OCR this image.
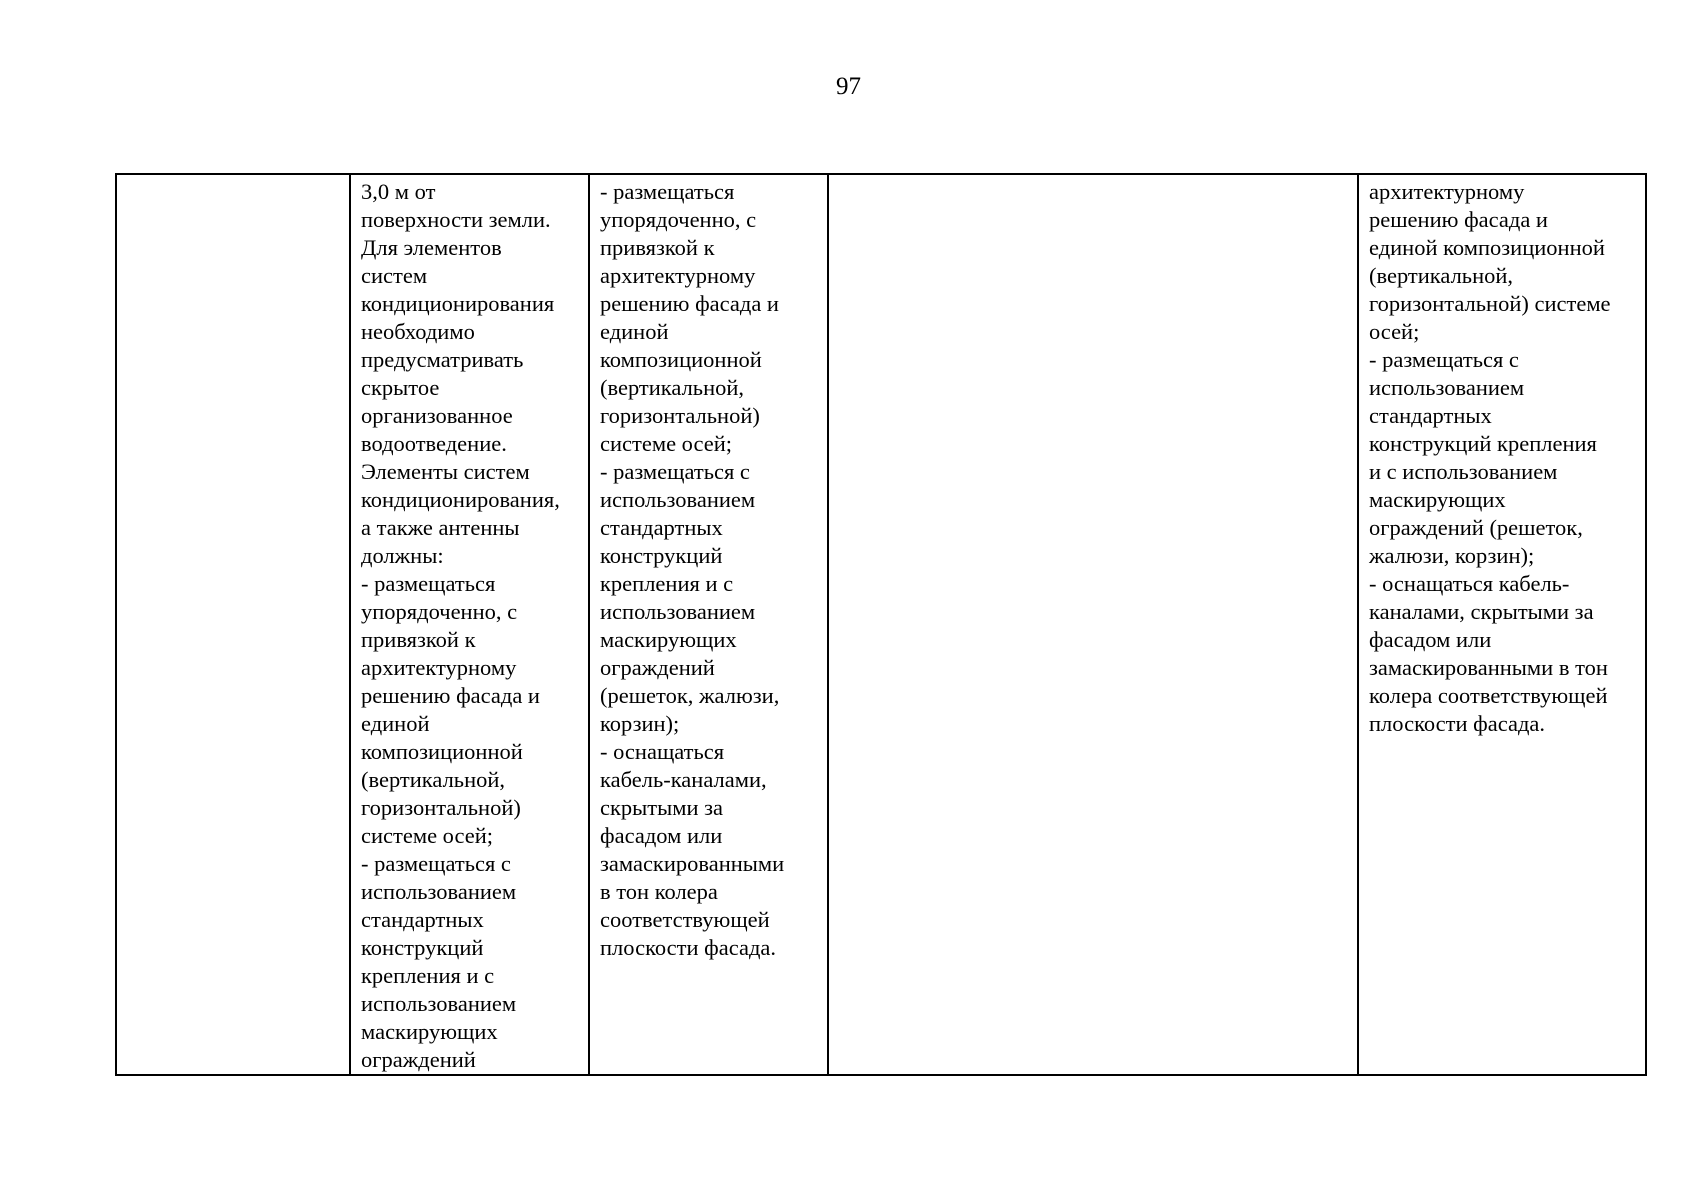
97
	3,0 м от
поверхности земли.
Для элементов
систем
кондиционирования
необходимо
предусматривать
скрытое
организованное
водоотведение.
Элементы систем
кондиционирования,
а также антенны
должны:
- размещаться
упорядоченно, с
привязкой к
архитектурному
решению фасада и
единой
композиционной
(вертикальной,
горизонтальной)
системе осей;
- размещаться с
использованием
стандартных
конструкций
крепления и с
использованием
маскирующих
ограждений	- размещаться
упорядоченно, с
привязкой к
архитектурному
решению фасада и
единой
композиционной
(вертикальной,
горизонтальной)
системе осей;
- размещаться с
использованием
стандартных
конструкций
крепления и с
использованием
маскирующих
ограждений
(решеток, жалюзи,
корзин);
- оснащаться
кабель-каналами,
скрытыми за
фасадом или
замаскированными
в тон колера
соответствующей
плоскости фасада.		архитектурному
решению фасада и
единой композиционной
(вертикальной,
горизонтальной) системе
осей;
- размещаться с
использованием
стандартных
конструкций крепления
и с использованием
маскирующих
ограждений (решеток,
жалюзи, корзин);
- оснащаться кабель-
каналами, скрытыми за
фасадом или
замаскированными в тон
колера соответствующей
плоскости фасада.
